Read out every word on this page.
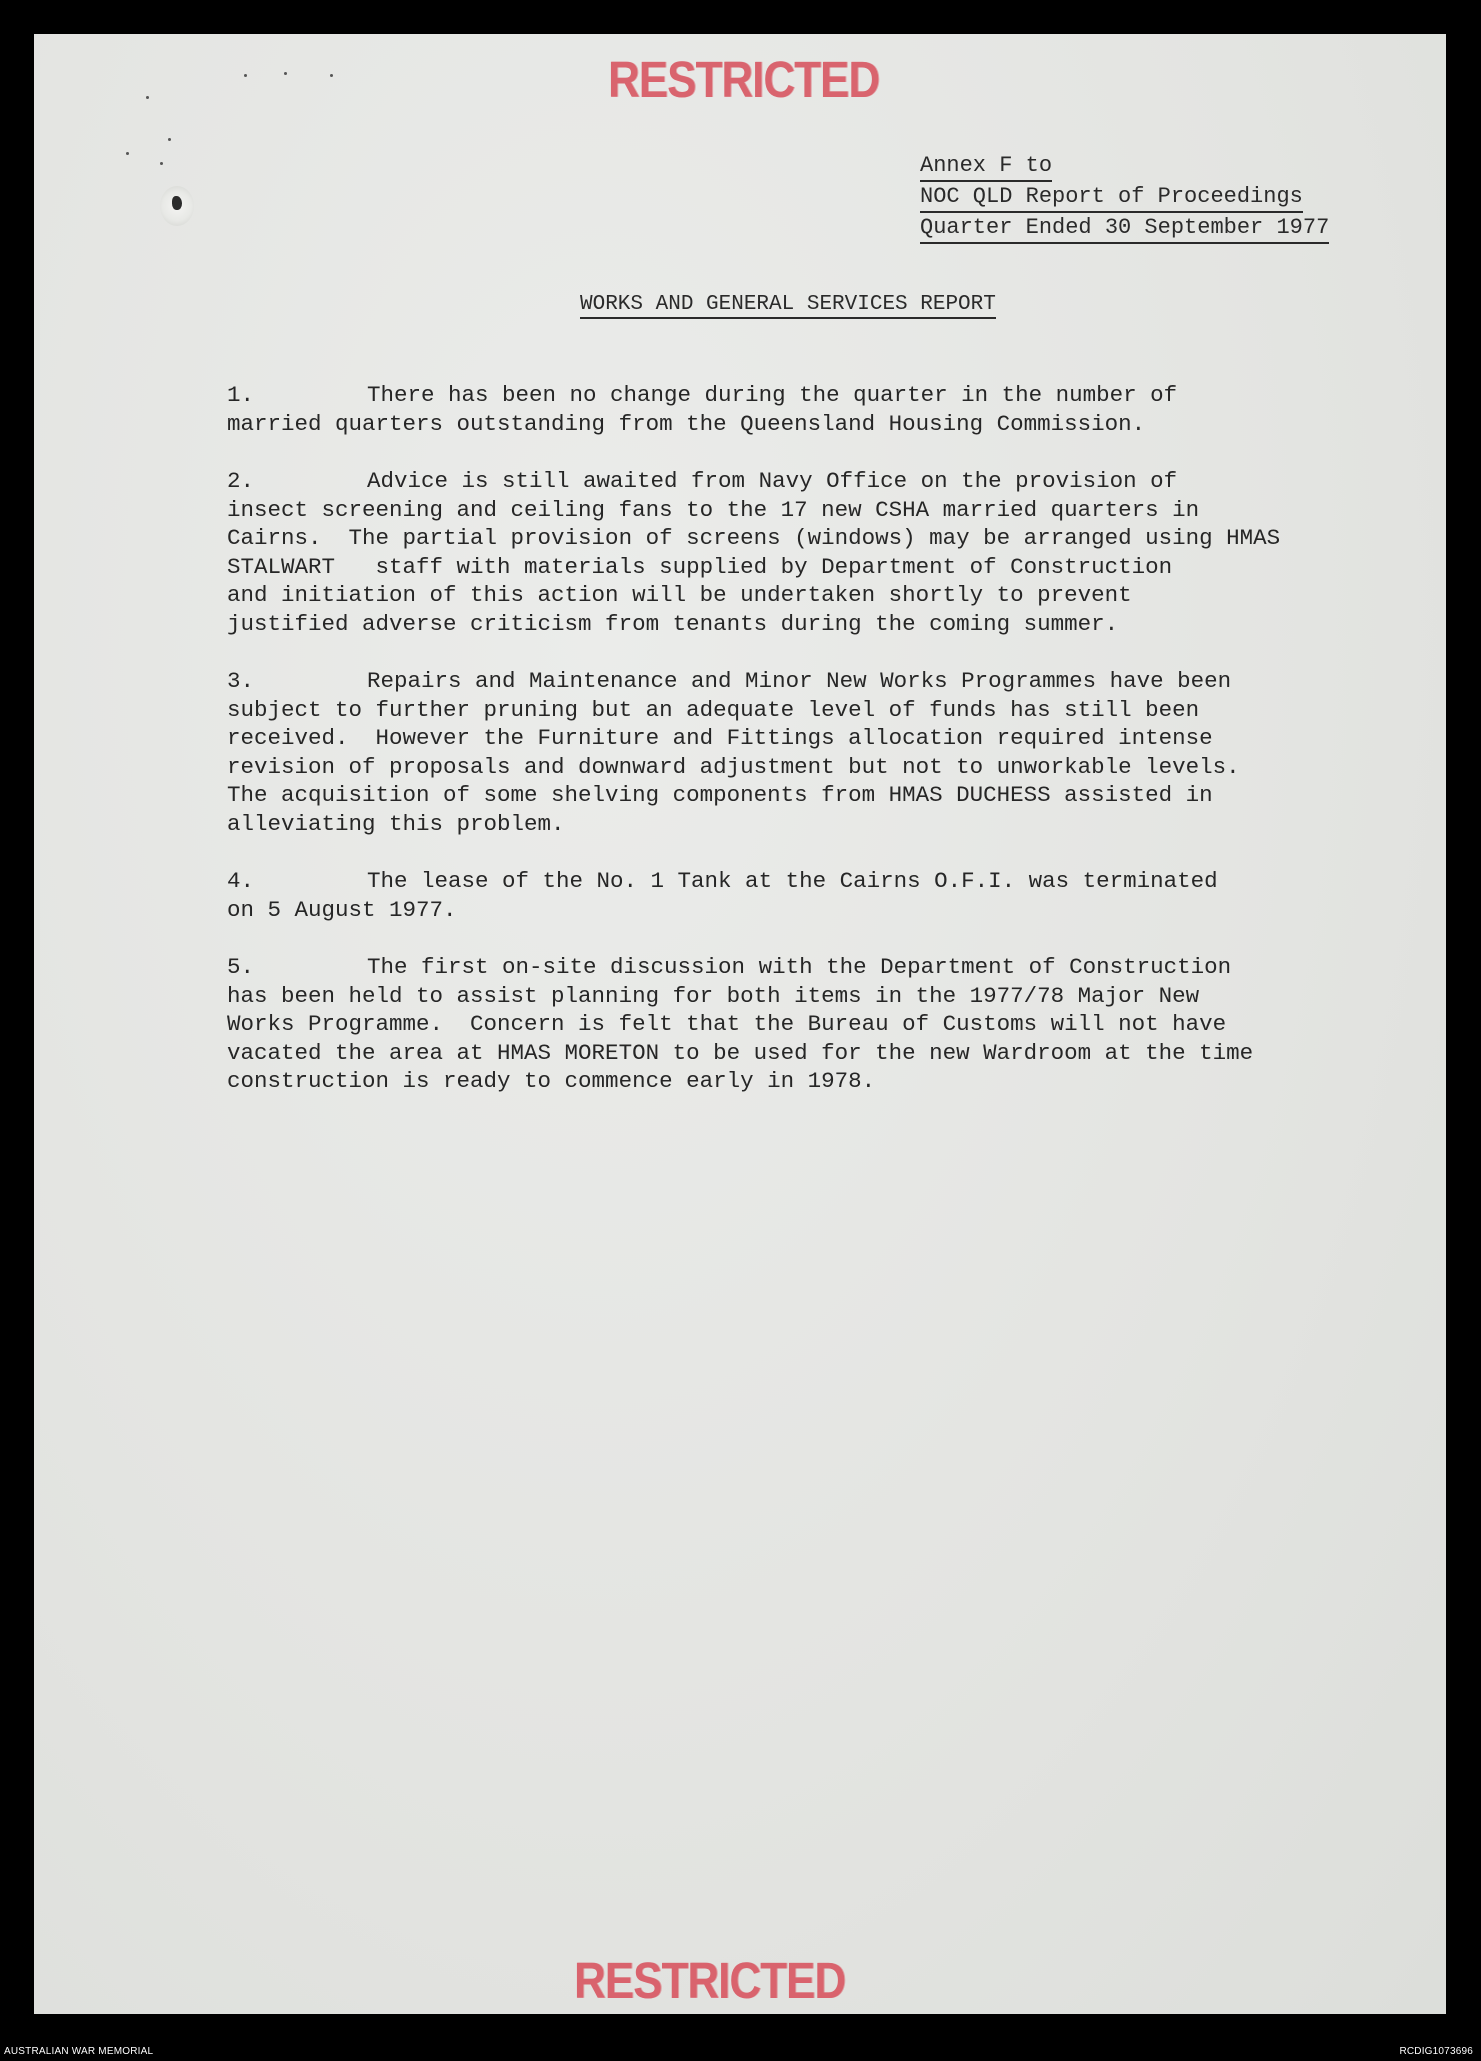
RESTRICTED
Annex F to
NOC QLD Report of Proceedings
Quarter Ended 30 September 1977
WORKS AND GENERAL SERVICES REPORT
1.	There has been no change during the quarter in the number of
married quarters outstanding from the Queensland Housing Commission.
2.	Advice is still awaited from Navy Office on the provision of
insect screening and ceiling fans to the 17 new CSHA married quarters in
Cairns.  The partial provision of screens (windows) may be arranged using HMAS
STALWART   staff with materials supplied by Department of Construction
and initiation of this action will be undertaken shortly to prevent
justified adverse criticism from tenants during the coming summer.
3.	Repairs and Maintenance and Minor New Works Programmes have been
subject to further pruning but an adequate level of funds has still been
received.  However the Furniture and Fittings allocation required intense
revision of proposals and downward adjustment but not to unworkable levels.
The acquisition of some shelving components from HMAS DUCHESS assisted in
alleviating this problem.
4.	The lease of the No. 1 Tank at the Cairns O.F.I. was terminated
on 5 August 1977.
5.	The first on-site discussion with the Department of Construction
has been held to assist planning for both items in the 1977/78 Major New
Works Programme.  Concern is felt that the Bureau of Customs will not have
vacated the area at HMAS MORETON to be used for the new Wardroom at the time
construction is ready to commence early in 1978.
RESTRICTED
AUSTRALIAN WAR MEMORIAL	RCDIG1073696
